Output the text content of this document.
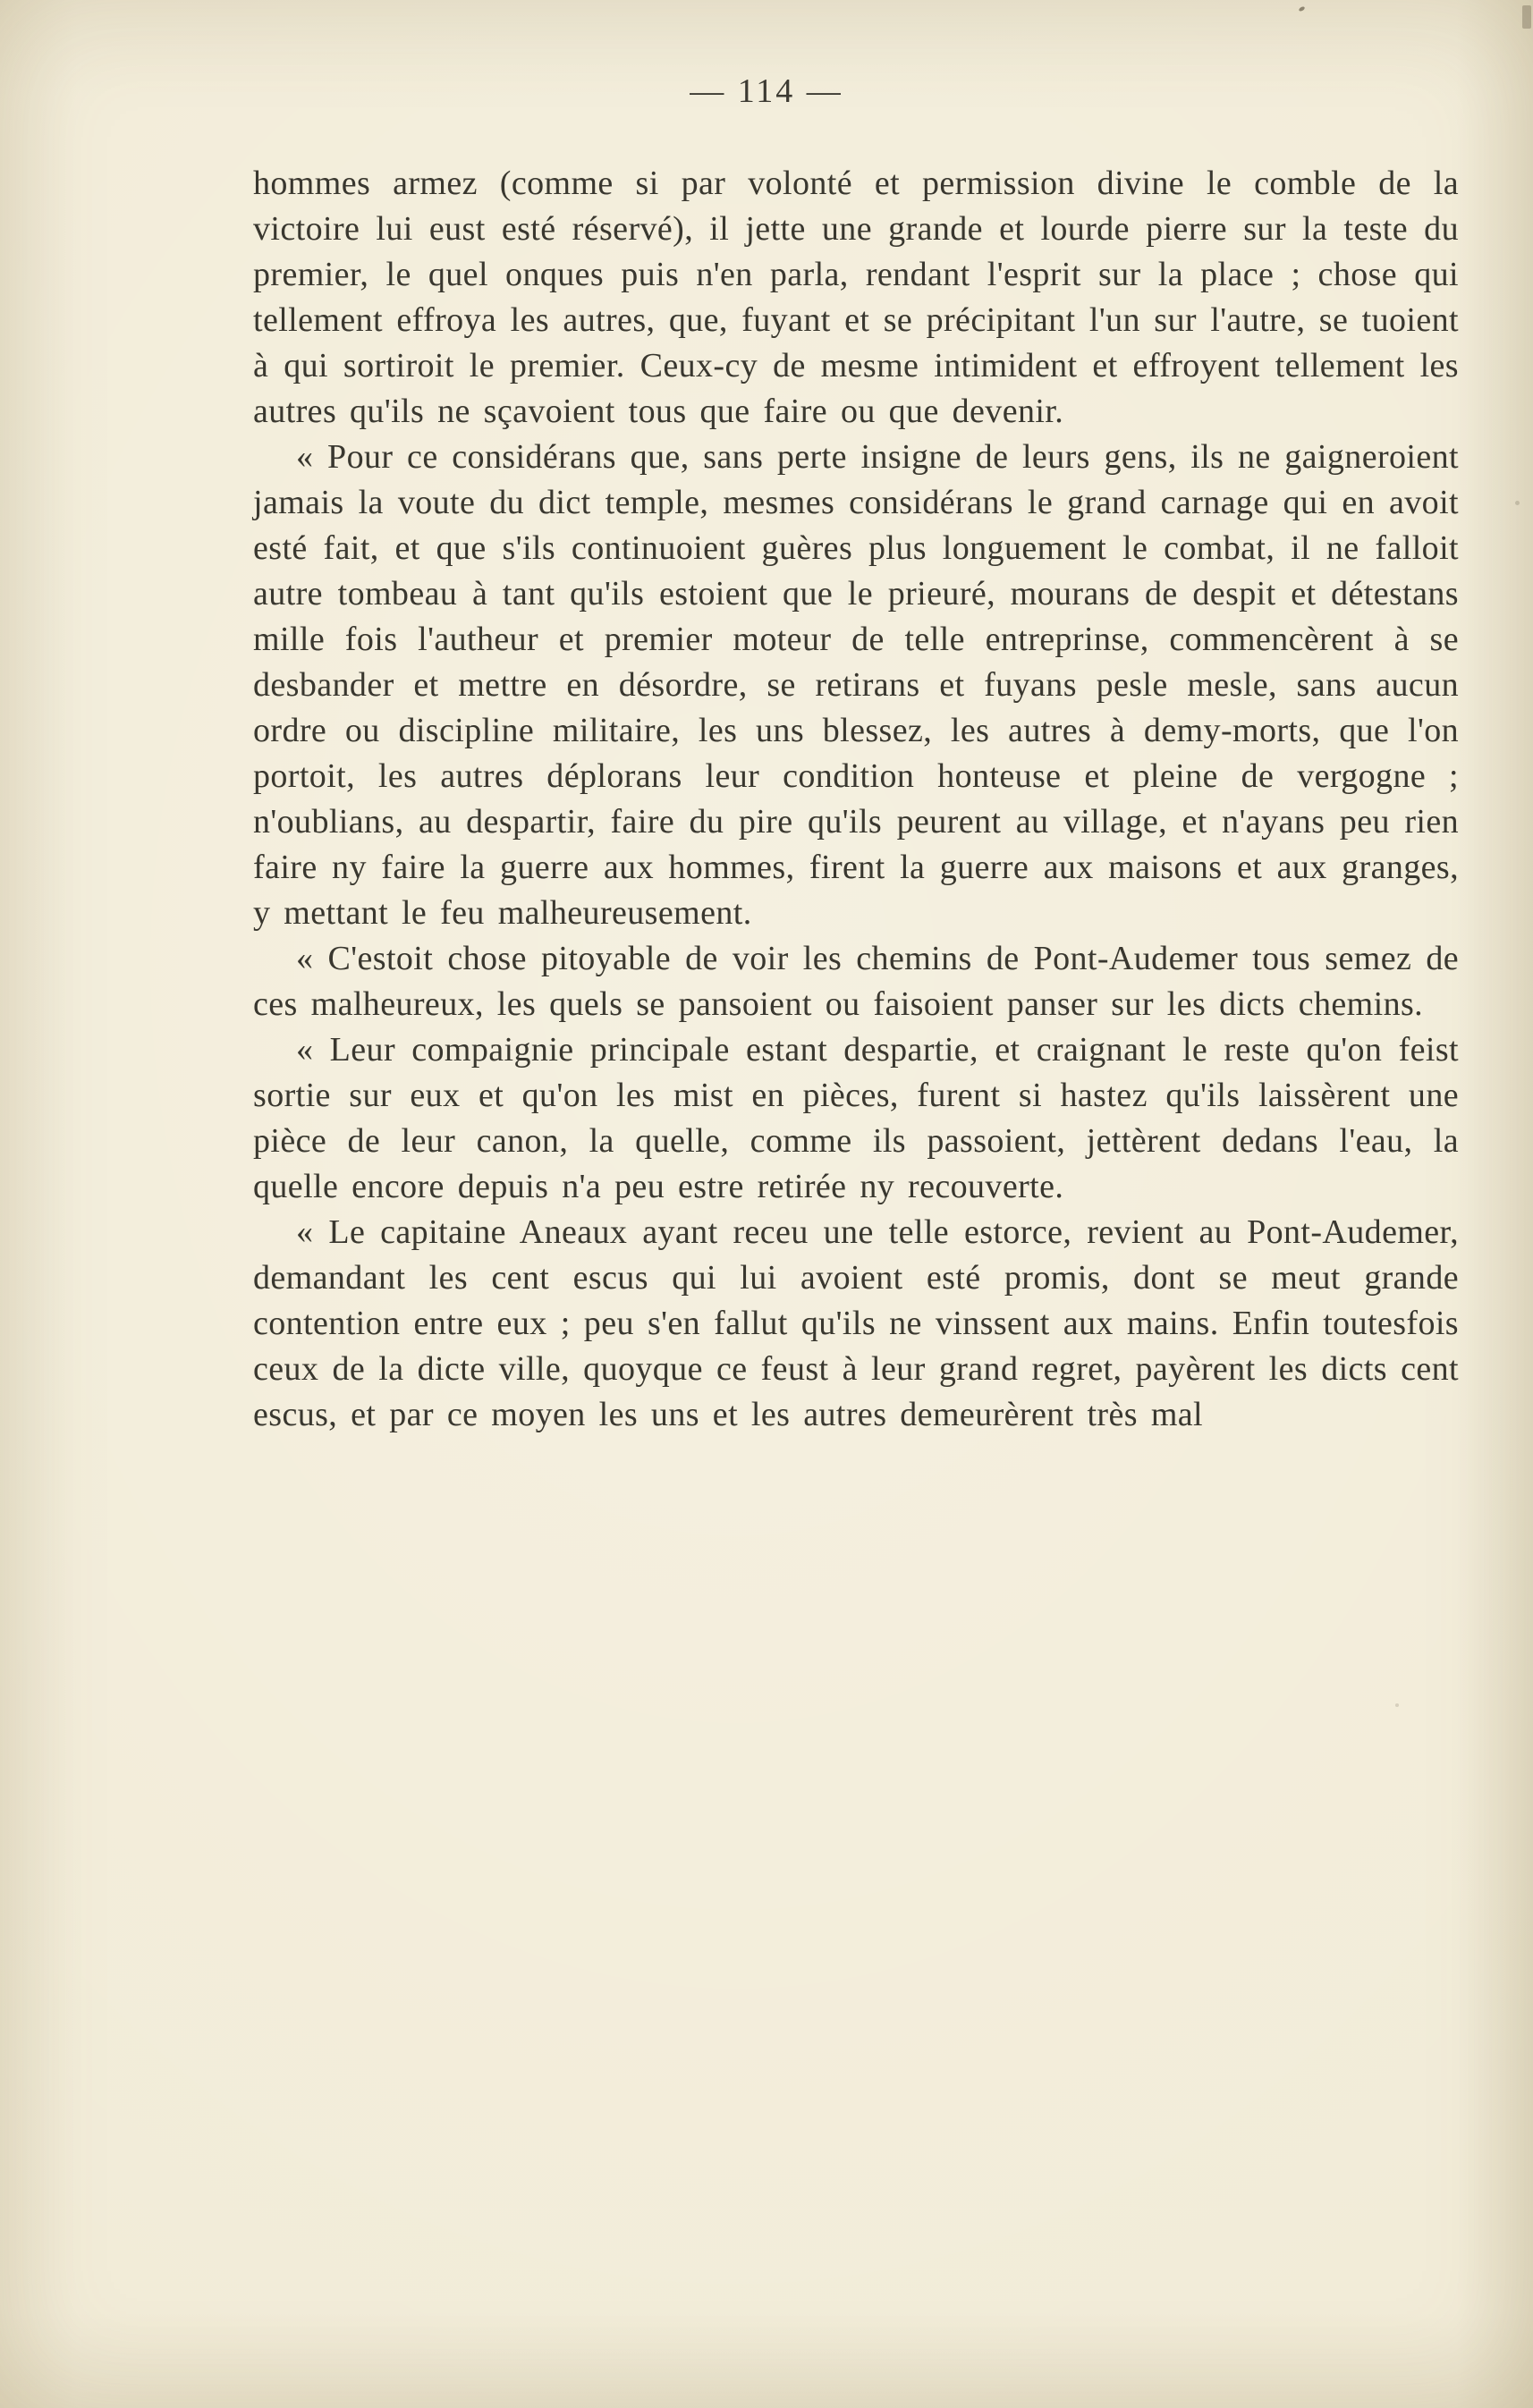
— 114 —

hommes armez (comme si par volonté et permission divine le comble de la victoire lui eust esté réservé), il jette une grande et lourde pierre sur la teste du premier, le quel onques puis n'en parla, rendant l'esprit sur la place ; chose qui tellement effroya les autres, que, fuyant et se précipitant l'un sur l'autre, se tuoient à qui sortiroit le premier. Ceux-cy de mesme intimident et effroyent tellement les autres qu'ils ne sçavoient tous que faire ou que devenir.

« Pour ce considérans que, sans perte insigne de leurs gens, ils ne gaigneroient jamais la voute du dict temple, mesmes considérans le grand carnage qui en avoit esté fait, et que s'ils continuoient guères plus longuement le combat, il ne falloit autre tombeau à tant qu'ils estoient que le prieuré, mourans de despit et détestans mille fois l'autheur et premier moteur de telle entreprinse, commencèrent à se desbander et mettre en désordre, se retirans et fuyans pesle mesle, sans aucun ordre ou discipline militaire, les uns blessez, les autres à demy-morts, que l'on portoit, les autres déplorans leur condition honteuse et pleine de vergogne ; n'oublians, au despartir, faire du pire qu'ils peurent au village, et n'ayans peu rien faire ny faire la guerre aux hommes, firent la guerre aux maisons et aux granges, y mettant le feu malheureusement.

« C'estoit chose pitoyable de voir les chemins de Pont-Audemer tous semez de ces malheureux, les quels se pansoient ou faisoient panser sur les dicts chemins.

« Leur compaignie principale estant despartie, et craignant le reste qu'on feist sortie sur eux et qu'on les mist en pièces, furent si hastez qu'ils laissèrent une pièce de leur canon, la quelle, comme ils passoient, jettèrent dedans l'eau, la quelle encore depuis n'a peu estre retirée ny recouverte.

« Le capitaine Aneaux ayant receu une telle estorce, revient au Pont-Audemer, demandant les cent escus qui lui avoient esté promis, dont se meut grande contention entre eux ; peu s'en fallut qu'ils ne vinssent aux mains. Enfin toutesfois ceux de la dicte ville, quoyque ce feust à leur grand regret, payèrent les dicts cent escus, et par ce moyen les uns et les autres demeurèrent très mal
